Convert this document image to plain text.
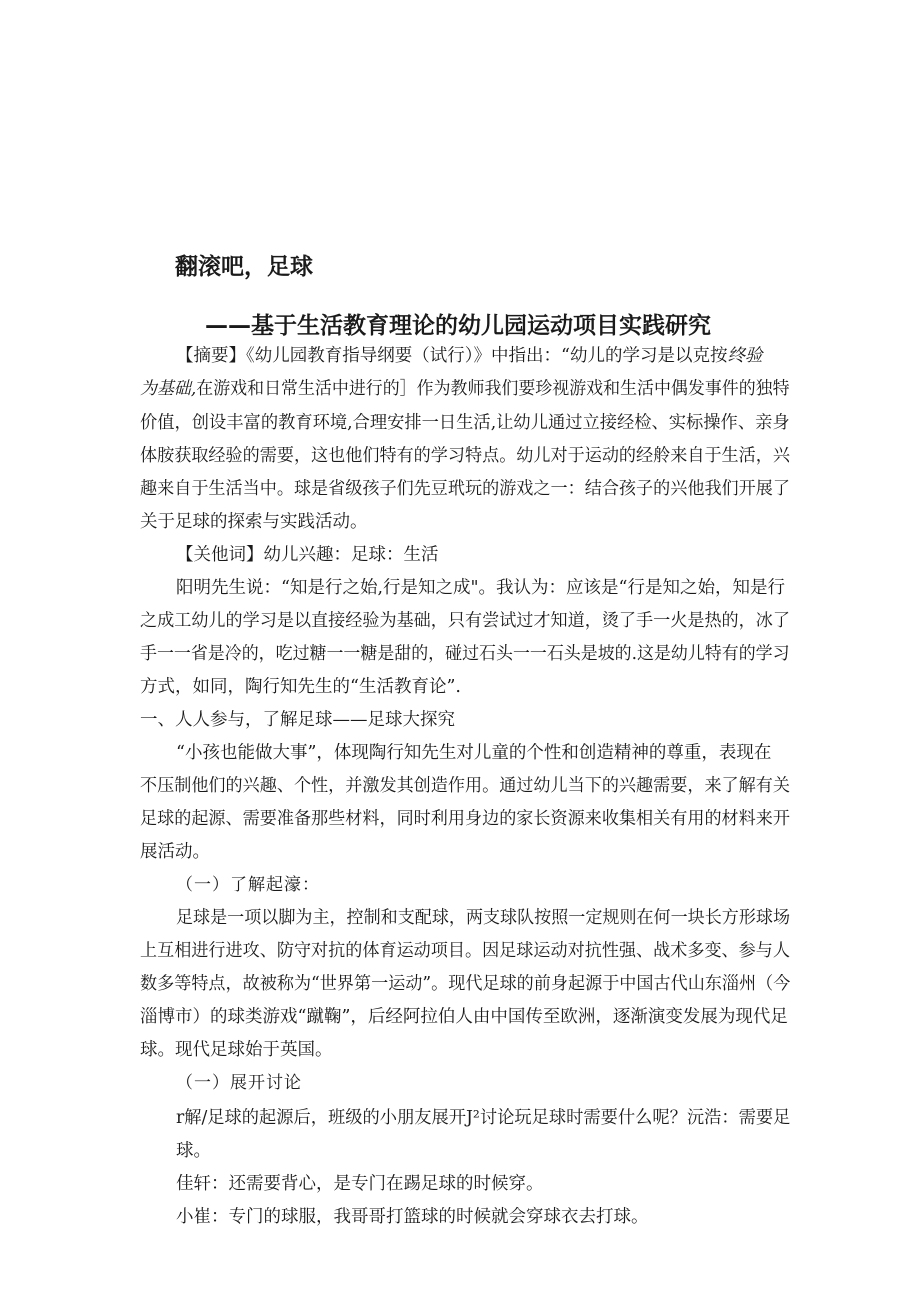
翻滚吧，足球
——基于生活教育理论的幼儿园运动项目实践研究
【摘要】《幼儿园教育指导纲要（试行）》中指出：“幼儿的学习是以克按终验
为基础,在游戏和日常生活中进行的］作为教师我们要珍视游戏和生活中偶发事件的独特
价值，创设丰富的教育环境,合理安排一日生活,让幼儿通过立接经检、实标操作、亲身
体胺获取经验的需要，这也他们特有的学习特点。幼儿对于运动的经舲来自于生活，兴
趣来自于生活当中。球是省级孩子们先豆玳玩的游戏之一：结合孩子的兴他我们开展了
关于足球的探索与实践活动。
【关他词】幼儿兴趣：足球：生活
阳明先生说：“知是行之始,行是知之成"。我认为：应该是“行是知之始，知是行
之成工幼儿的学习是以直接经验为基础，只有尝试过才知道，烫了手一火是热的，冰了
手一一省是冷的，吃过糖一一糖是甜的，碰过石头一一石头是坡的.这是幼儿特有的学习
方式，如同，陶行知先生的“生活教育论”.
一、人人参与，了解足球——足球大探究
“小孩也能做大事”，体现陶行知先生对儿童的个性和创造精神的尊重，表现在
不压制他们的兴趣、个性，并激发其创造作用。通过幼儿当下的兴趣需要，来了解有关
足球的起源、需要准备那些材料，同时利用身边的家长资源来收集相关有用的材料来开
展活动。
（一）了解起濠：
足球是一项以脚为主，控制和支配球，两支球队按照一定规则在何一块长方形球场
上互相进行进攻、防守对抗的体育运动项目。因足球运动对抗性强、战术多变、参与人
数多等特点，故被称为“世界第一运动”。现代足球的前身起源于中国古代山东淄州（今
淄博市）的球类游戏“蹴鞠”，后经阿拉伯人由中国传至欧洲，逐渐演变发展为现代足
球。现代足球始于英国。
（一）展开讨论
r解/足球的起源后，班级的小朋友展开J²讨论玩足球时需要什么呢？沅浩：需要足
球。
佳轩：还需要背心，是专门在踢足球的时候穿。
小崔：专门的球服，我哥哥打篮球的时候就会穿球衣去打球。
